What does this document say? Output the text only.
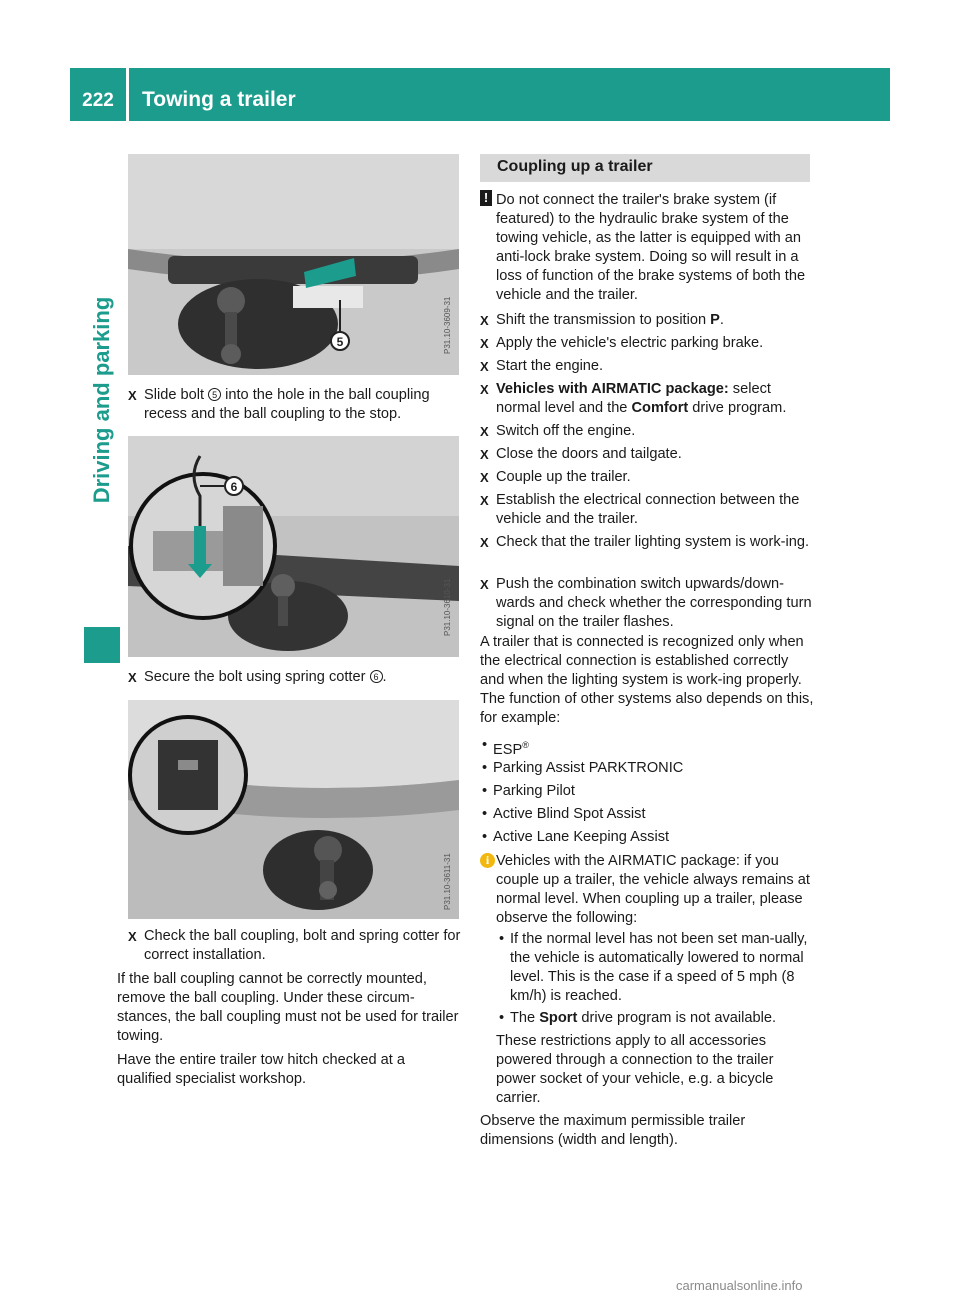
222	Towing a trailer
Driving and parking	5	P31.10-3609-31
X Slide bolt 5 into the hole in the ball coupling recess and the ball coupling to the stop.
6
P31.10-3610-31
X Secure the bolt using spring cotter 6 .
P31.10-3611-31
X Check the ball coupling, bolt and spring cotter for correct installation.
If the ball coupling cannot be correctly mounted, remove the ball coupling. Under these circum-stances, the ball coupling must not be used for trailer towing.
Have the entire trailer tow hitch checked at a qualified specialist workshop.
Coupling up a trailer
! Do not connect the trailer's brake system (if featured) to the hydraulic brake system of the towing vehicle, as the latter is equipped with an anti-lock brake system. Doing so will result in a loss of function of the brake systems of both the vehicle and the trailer.
X Shift the transmission to position P.
X Apply the vehicle's electric parking brake.
X Start the engine.
X Vehicles with AIRMATIC package: select normal level and the Comfort drive program.
X Switch off the engine.
X Close the doors and tailgate.
X Couple up the trailer.
X Establish the electrical connection between the vehicle and the trailer.
X Check that the trailer lighting system is work-ing.
X Push the combination switch upwards/down-wards and check whether the corresponding turn signal on the trailer flashes.
A trailer that is connected is recognized only when the electrical connection is established correctly and when the lighting system is work-ing properly. The function of other systems also depends on this, for example:
• ESP®
• Parking Assist PARKTRONIC
• Parking Pilot
• Active Blind Spot Assist
• Active Lane Keeping Assist
i Vehicles with the AIRMATIC package: if you couple up a trailer, the vehicle always remains at normal level. When coupling up a trailer, please observe the following:
• If the normal level has not been set man-ually, the vehicle is automatically lowered to normal level. This is the case if a speed of 5 mph (8 km/h) is reached.
• The Sport drive program is not available.
These restrictions apply to all accessories powered through a connection to the trailer power socket of your vehicle, e.g. a bicycle carrier.
Observe the maximum permissible trailer dimensions (width and length).
carmanualsonline.info
